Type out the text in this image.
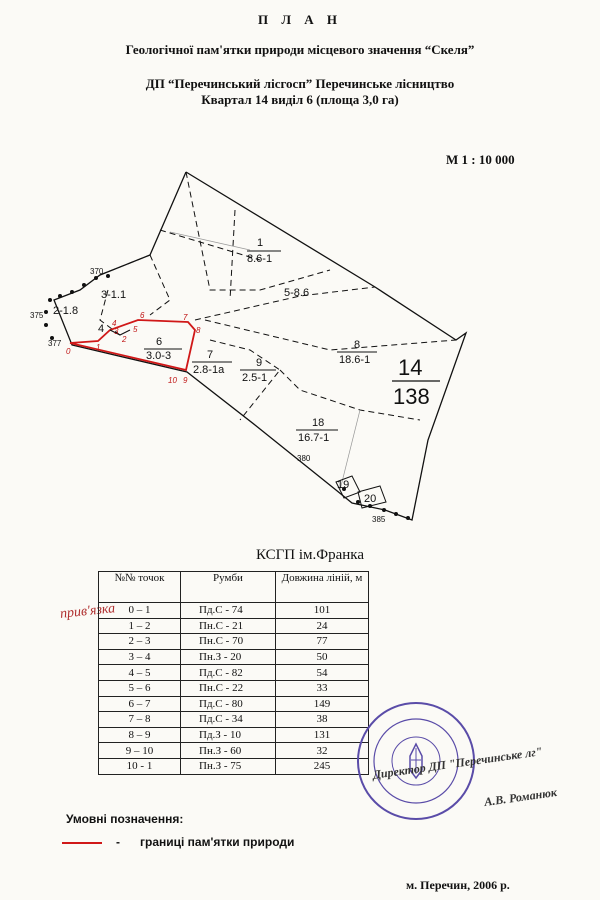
П Л А Н
Геологічної пам'ятки природи місцевого значення “Скеля”
ДП “Перечинський лісгосп” Перечинське лісництво
Квартал 14 виділ 6 (площа 3,0 га)
М 1 : 10 000
1
8.6-1
5-8.6
3-1.1
2-1.8
4
6
3.0-3	7
2.8-1а
9
2.5-1
8
18.6-1
18
16.7-1
19
20
14
138
370
375
377
380
385
0	1
2
3
4
5
6	7
8
9
10
КСГП ім.Франка
прив'язка
№№ точок	Румби	Довжина ліній, м
0 – 1	Пд.С - 74	101
1 – 2	Пн.С - 21	24
2 – 3	Пн.С - 70	77
3 – 4	Пн.З - 20	50
4 – 5	Пд.С - 82	54
5 – 6	Пн.С - 22	33
6 – 7	Пд.С - 80	149
7 – 8	Пд.С - 34	38
8 – 9	Пд.З - 10	131
9 – 10	Пн.З - 60	32
10 - 1	Пн.З - 75	245	Директор ДП "Перечинське лг"
А.В. Романюк
Умовні позначення:
- границі пам'ятки природи
м. Перечин, 2006 р.
